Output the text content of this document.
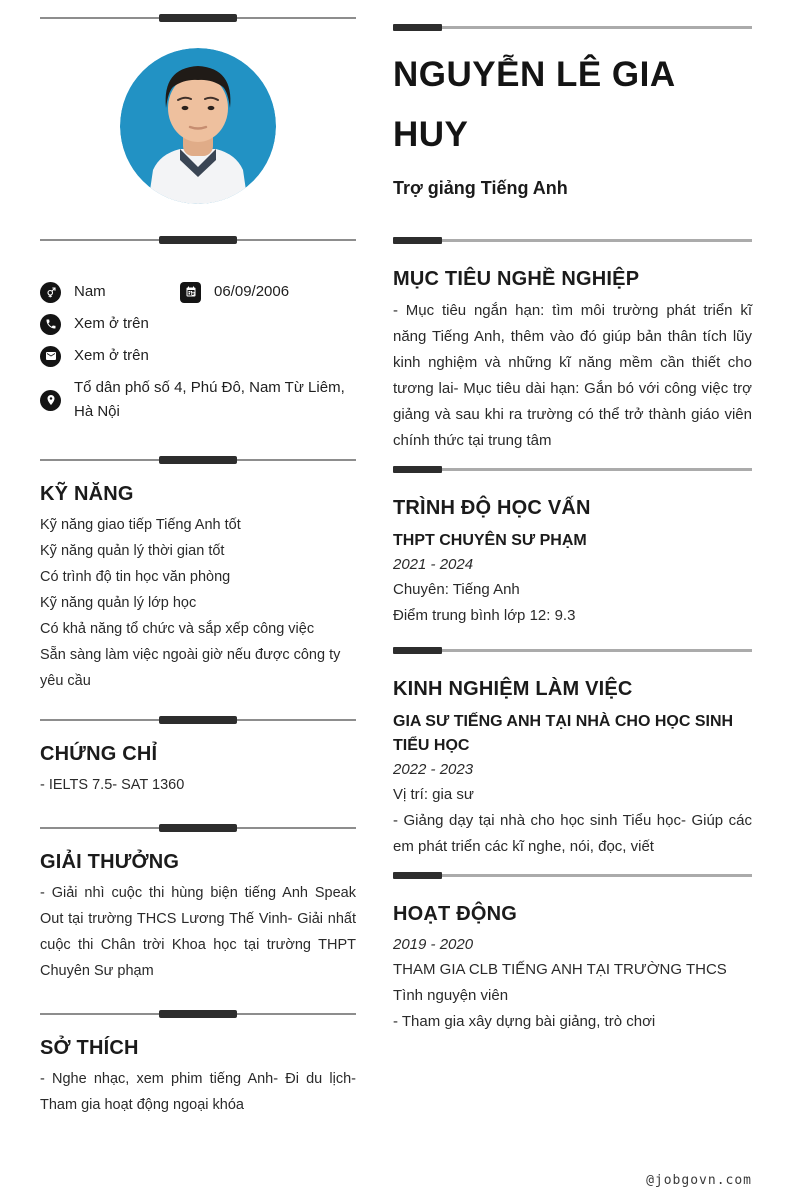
Nam	06/09/2006
Xem ở trên
Xem ở trên
Tổ dân phố số 4, Phú Đô, Nam Từ Liêm, Hà Nội
KỸ NĂNG
Kỹ năng giao tiếp Tiếng Anh tốt
Kỹ năng quản lý thời gian tốt
Có trình độ tin học văn phòng
Kỹ năng quản lý lớp học
Có khả năng tổ chức và sắp xếp công việc
Sẵn sàng làm việc ngoài giờ nếu được công ty yêu cầu
CHỨNG CHỈ
- IELTS 7.5- SAT 1360
GIẢI THƯỞNG
- Giải nhì cuộc thi hùng biện tiếng Anh Speak Out tại trường THCS Lương Thế Vinh- Giải nhất cuộc thi Chân trời Khoa học tại trường THPT Chuyên Sư phạm
SỞ THÍCH
- Nghe nhạc, xem phim tiếng Anh- Đi du lịch- Tham gia hoạt động ngoại khóa
NGUYỄN LÊ GIA HUY
Trợ giảng Tiếng Anh
MỤC TIÊU NGHỀ NGHIỆP
- Mục tiêu ngắn hạn: tìm môi trường phát triển kĩ năng Tiếng Anh, thêm vào đó giúp bản thân tích lũy kinh nghiệm và những kĩ năng mềm cần thiết cho tương lai- Mục tiêu dài hạn: Gắn bó với công việc trợ giảng và sau khi ra trường có thể trở thành giáo viên chính thức tại trung tâm
TRÌNH ĐỘ HỌC VẤN
THPT CHUYÊN SƯ PHẠM
2021 - 2024
Chuyên: Tiếng Anh
Điểm trung bình lớp 12: 9.3
KINH NGHIỆM LÀM VIỆC
GIA SƯ TIẾNG ANH TẠI NHÀ CHO HỌC SINH TIỂU HỌC
2022 - 2023
Vị trí: gia sư
- Giảng dạy tại nhà cho học sinh Tiểu học- Giúp các em phát triển các kĩ nghe, nói, đọc, viết
HOẠT ĐỘNG
2019 - 2020
THAM GIA CLB TIẾNG ANH TẠI TRƯỜNG THCS
Tình nguyện viên
- Tham gia xây dựng bài giảng, trò chơi
@jobgovn.com
